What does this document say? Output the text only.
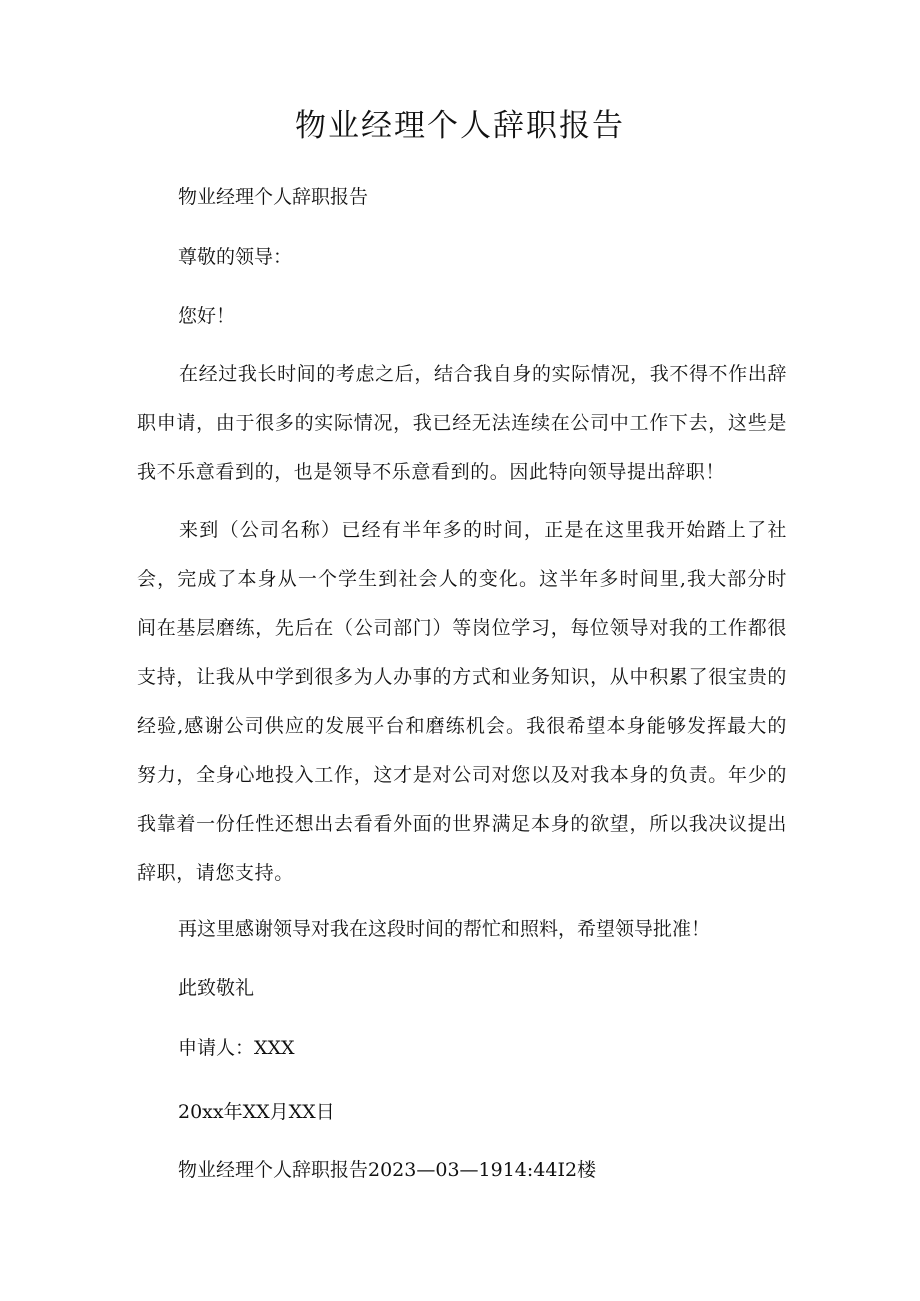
物业经理个人辞职报告

物业经理个人辞职报告

尊敬的领导：

您好！

在经过我长时间的考虑之后，结合我自身的实际情况，我不得不作出辞职申请，由于很多的实际情况，我已经无法连续在公司中工作下去，这些是我不乐意看到的，也是领导不乐意看到的。因此特向领导提出辞职！

来到（公司名称）已经有半年多的时间，正是在这里我开始踏上了社会，完成了本身从一个学生到社会人的变化。这半年多时间里,我大部分时间在基层磨练，先后在（公司部门）等岗位学习，每位领导对我的工作都很支持，让我从中学到很多为人办事的方式和业务知识，从中积累了很宝贵的经验,感谢公司供应的发展平台和磨练机会。我很希望本身能够发挥最大的努力，全身心地投入工作，这才是对公司对您以及对我本身的负责。年少的我靠着一份任性还想出去看看外面的世界满足本身的欲望，所以我决议提出辞职，请您支持。

再这里感谢领导对我在这段时间的帮忙和照料，希望领导批准！

此致敬礼

申请人：XXX

20xx年XX月XX日

物业经理个人辞职报告2023—03—1914:44I2楼
